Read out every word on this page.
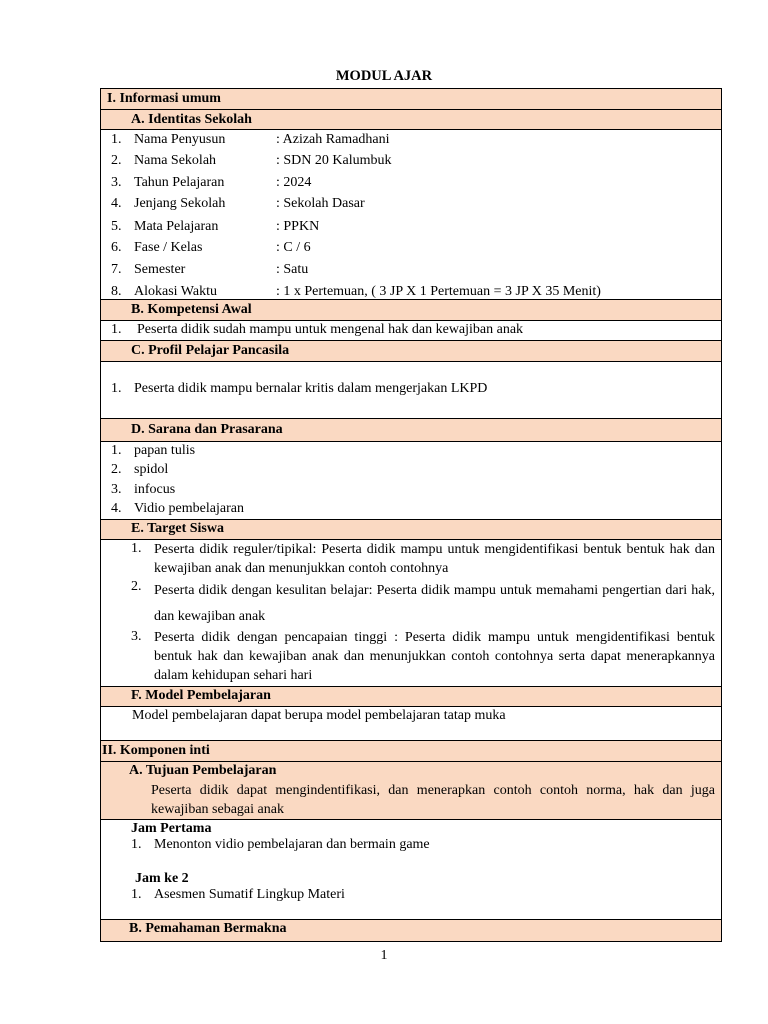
MODUL AJAR
I. Informasi umum
A. Identitas Sekolah
1. Nama Penyusun	: Azizah Ramadhani
2. Nama Sekolah	: SDN 20 Kalumbuk
3. Tahun Pelajaran	: 2024
4. Jenjang Sekolah	: Sekolah Dasar
5. Mata Pelajaran	: PPKN
6. Fase / Kelas	: C / 6
7. Semester	: Satu
8. Alokasi Waktu	: 1 x Pertemuan, ( 3 JP X 1 Pertemuan = 3 JP X 35 Menit)
B. Kompetensi Awal
1. Peserta didik sudah mampu untuk mengenal hak dan kewajiban anak
C. Profil Pelajar Pancasila
1. Peserta didik mampu bernalar kritis dalam mengerjakan LKPD
D. Sarana dan Prasarana
1. papan tulis
2. spidol
3. infocus
4. Vidio pembelajaran
E. Target Siswa
1. Peserta didik reguler/tipikal: Peserta didik mampu untuk mengidentifikasi bentuk bentuk hak dan kewajiban anak dan menunjukkan contoh contohnya
2. Peserta didik dengan kesulitan belajar: Peserta didik mampu untuk memahami pengertian dari hak, dan kewajiban anak
3. Peserta didik dengan pencapaian tinggi : Peserta didik mampu untuk mengidentifikasi bentuk bentuk hak dan kewajiban anak dan menunjukkan contoh contohnya serta dapat menerapkannya dalam kehidupan sehari hari
F. Model Pembelajaran
Model pembelajaran dapat berupa model pembelajaran tatap muka
II. Komponen inti
A. Tujuan Pembelajaran
Peserta didik dapat mengindentifikasi, dan menerapkan contoh contoh norma, hak dan juga kewajiban sebagai anak
Jam Pertama
1. Menonton vidio pembelajaran dan bermain game
Jam ke 2
1. Asesmen Sumatif Lingkup Materi
B. Pemahaman Bermakna
1
